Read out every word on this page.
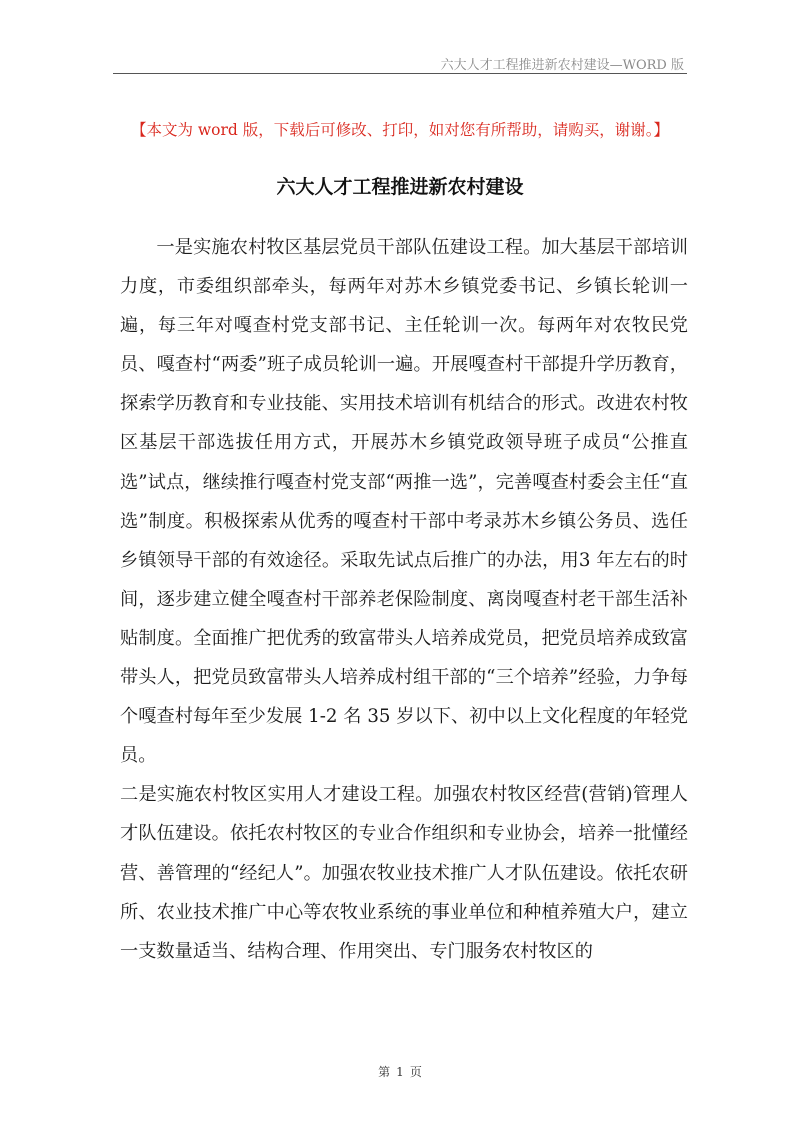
六大人才工程推进新农村建设—WORD 版
【本文为 word 版，下载后可修改、打印，如对您有所帮助，请购买，谢谢。】
六大人才工程推进新农村建设

一是实施农村牧区基层党员干部队伍建设工程。加大基层干部培训力度，市委组织部牵头，每两年对苏木乡镇党委书记、乡镇长轮训一遍，每三年对嘎查村党支部书记、主任轮训一次。每两年对农牧民党员、嘎查村“两委”班子成员轮训一遍。开展嘎查村干部提升学历教育，探索学历教育和专业技能、实用技术培训有机结合的形式。改进农村牧区基层干部选拔任用方式，开展苏木乡镇党政领导班子成员“公推直选”试点，继续推行嘎查村党支部“两推一选”，完善嘎查村委会主任“直选”制度。积极探索从优秀的嘎查村干部中考录苏木乡镇公务员、选任乡镇领导干部的有效途径。采取先试点后推广的办法，用3 年左右的时间，逐步建立健全嘎查村干部养老保险制度、离岗嘎查村老干部生活补贴制度。全面推广把优秀的致富带头人培养成党员，把党员培养成致富带头人，把党员致富带头人培养成村组干部的“三个培养”经验，力争每个嘎查村每年至少发展 1-2 名 35 岁以下、初中以上文化程度的年轻党员。

二是实施农村牧区实用人才建设工程。加强农村牧区经营(营销)管理人才队伍建设。依托农村牧区的专业合作组织和专业协会，培养一批懂经营、善管理的“经纪人”。加强农牧业技术推广人才队伍建设。依托农研所、农业技术推广中心等农牧业系统的事业单位和种植养殖大户，建立一支数量适当、结构合理、作用突出、专门服务农村牧区的

第 1 页
